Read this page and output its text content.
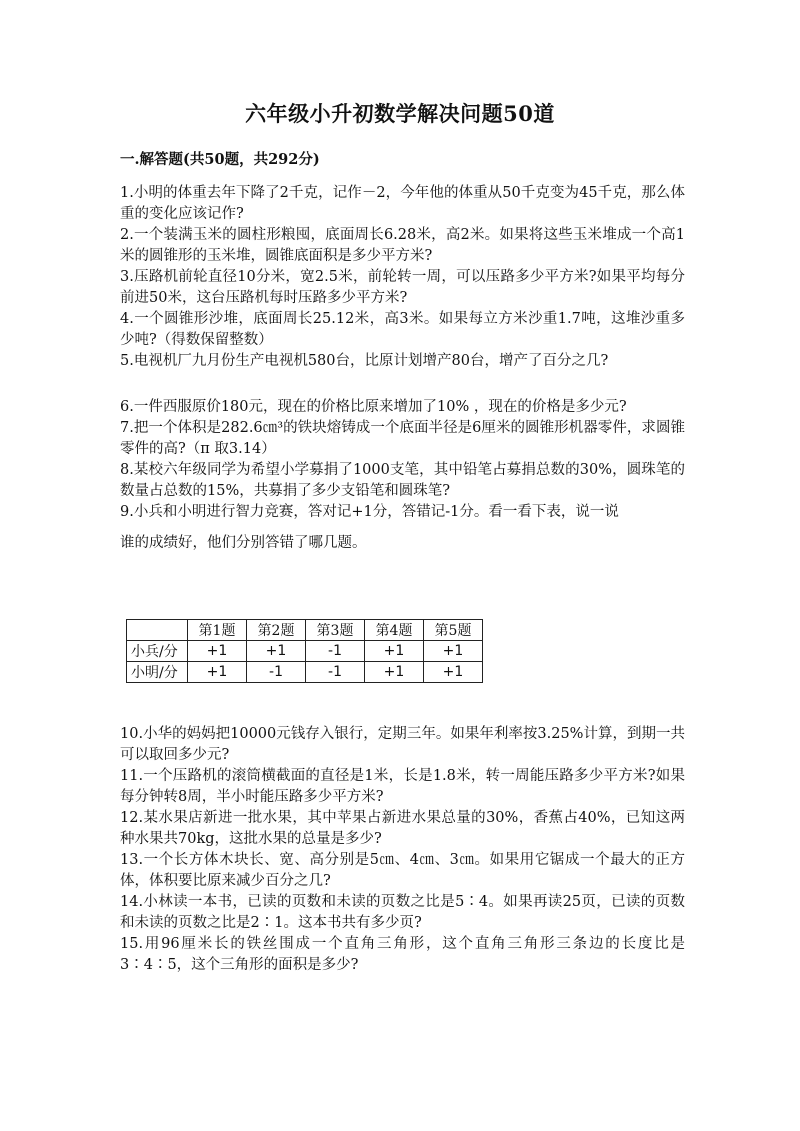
六年级小升初数学解决问题50道
一.解答题(共50题，共292分)

1.小明的体重去年下降了2千克，记作－2，今年他的体重从50千克变为45千克，那么体重的变化应该记作?

2.一个装满玉米的圆柱形粮囤，底面周长6.28米，高2米。如果将这些玉米堆成一个高1米的圆锥形的玉米堆，圆锥底面积是多少平方米?

3.压路机前轮直径10分米，宽2.5米，前轮转一周，可以压路多少平方米?如果平均每分前进50米，这台压路机每时压路多少平方米?

4.一个圆锥形沙堆，底面周长25.12米，高3米。如果每立方米沙重1.7吨，这堆沙重多少吨?（得数保留整数）

5.电视机厂九月份生产电视机580台，比原计划增产80台，增产了百分之几?

6.一件西服原价180元，现在的价格比原来增加了10% ，现在的价格是多少元?

7.把一个体积是282.6㎝³的铁块熔铸成一个底面半径是6厘米的圆锥形机器零件，求圆锥零件的高?（π 取3.14）

8.某校六年级同学为希望小学募捐了1000支笔，其中铅笔占募捐总数的30%，圆珠笔的数量占总数的15%，共募捐了多少支铅笔和圆珠笔?

9.小兵和小明进行智力竞赛，答对记+1分，答错记-1分。看一看下表，说一说

谁的成绩好，他们分别答错了哪几题。

	第1题	第2题	第3题	第4题	第5题
小兵/分	+1	+1	-1	+1	+1
小明/分	+1	-1	-1	+1	+1

10.小华的妈妈把10000元钱存入银行，定期三年。如果年利率按3.25%计算，到期一共可以取回多少元?

11.一个压路机的滚筒横截面的直径是1米，长是1.8米，转一周能压路多少平方米?如果每分钟转8周，半小时能压路多少平方米?

12.某水果店新进一批水果，其中苹果占新进水果总量的30%，香蕉占40%，已知这两种水果共70kg，这批水果的总量是多少?

13.一个长方体木块长、宽、高分别是5㎝、4㎝、3㎝。如果用它锯成一个最大的正方体，体积要比原来减少百分之几?

14.小林读一本书，已读的页数和未读的页数之比是5∶4。如果再读25页，已读的页数和未读的页数之比是2∶1。这本书共有多少页?

15.用96厘米长的铁丝围成一个直角三角形，这个直角三角形三条边的长度比是3∶4∶5，这个三角形的面积是多少?
